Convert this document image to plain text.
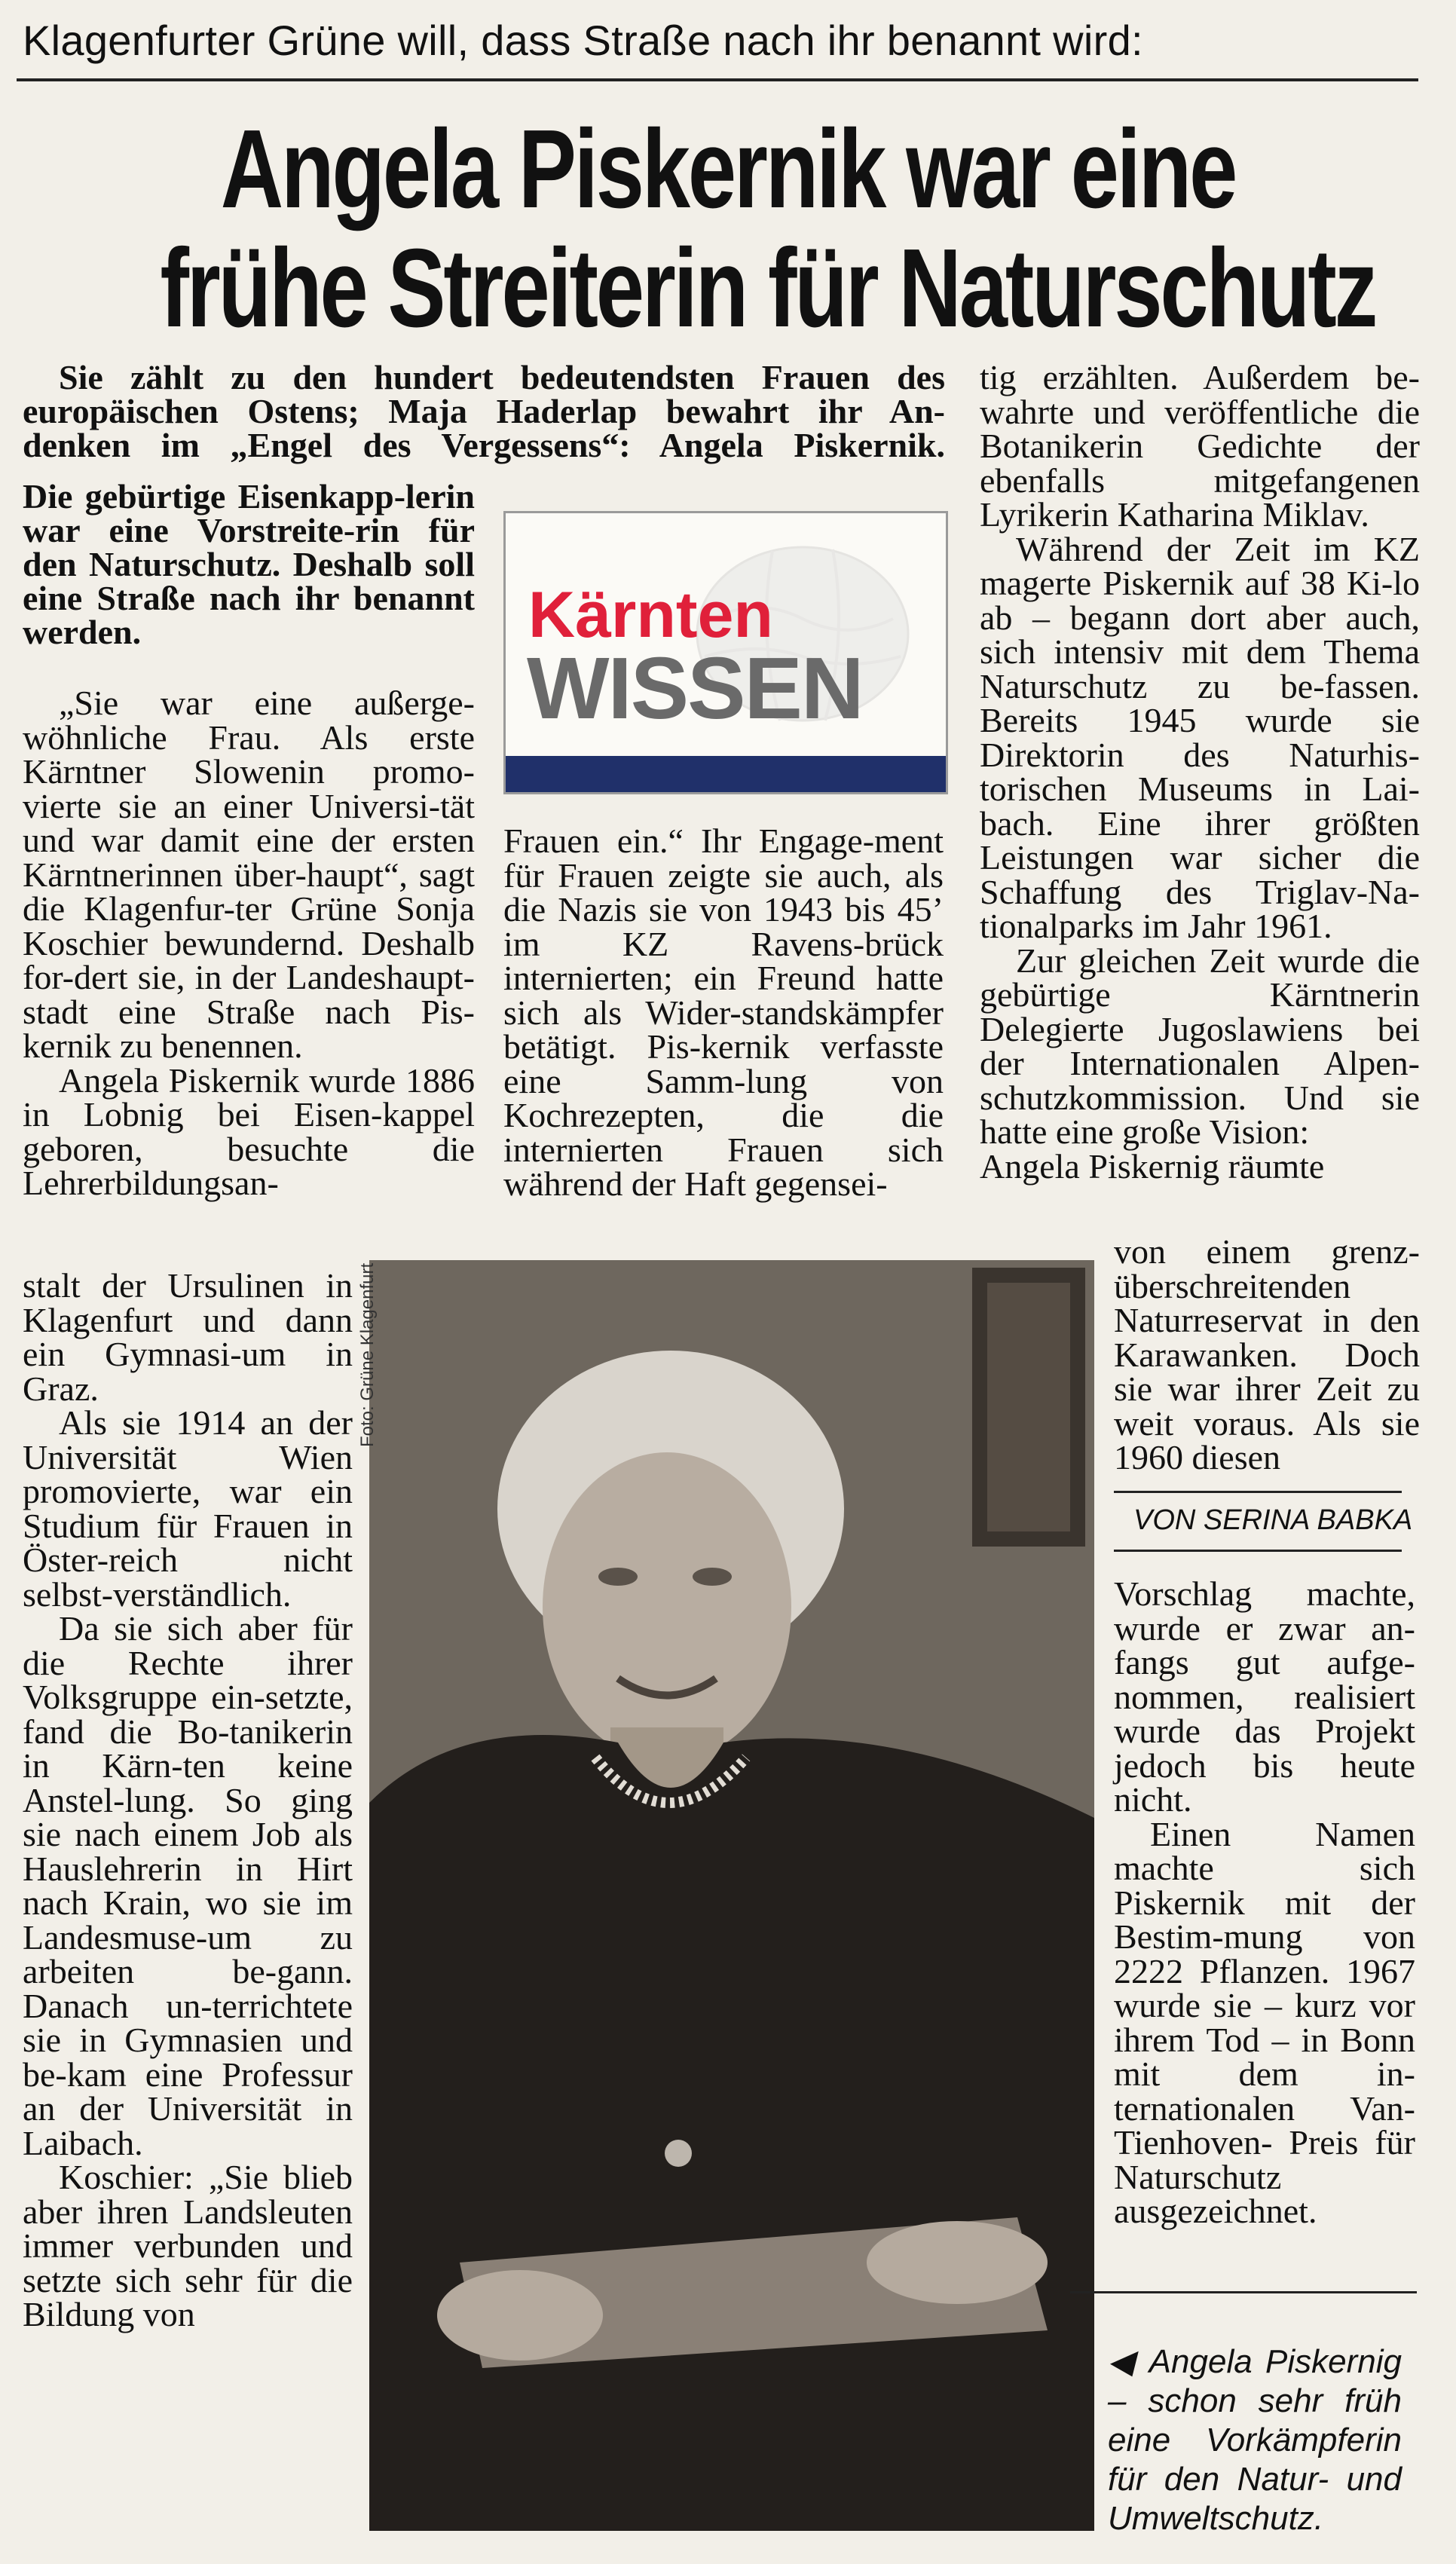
Klagenfurter Grüne will, dass Straße nach ihr benannt wird:
Angela Piskernik war eine
frühe Streiterin für Naturschutz
Sie zählt zu den hundert bedeutendsten Frauen des
europäischen Ostens; Maja Haderlap bewahrt ihr An-
denken im „Engel des Vergessens“: Angela Piskernik.
Die gebürtige Eisenkapp-lerin war eine Vorstreite-rin für den Naturschutz. Deshalb soll eine Straße nach ihr benannt werden.	Kärnten
WISSEN

„Sie war eine außerge-wöhnliche Frau. Als erste Kärntner Slowenin promo-vierte sie an einer Universi-tät und war damit eine der ersten Kärntnerinnen über-haupt“, sagt die Klagenfur-ter Grüne Sonja Koschier bewundernd. Deshalb for-dert sie, in der Landeshaupt-stadt eine Straße nach Pis-kernik zu benennen.

Angela Piskernik wurde 1886 in Lobnig bei Eisen-kappel geboren, besuchte die Lehrerbildungsan-

stalt der Ursulinen in Klagenfurt und dann ein Gymnasi-um in Graz.

Als sie 1914 an der Universität Wien promovierte, war ein Studium für Frauen in Öster-reich nicht selbst-verständlich.

Da sie sich aber für die Rechte ihrer Volksgruppe ein-setzte, fand die Bo-tanikerin in Kärn-ten keine Anstel-lung. So ging sie nach einem Job als Hauslehrerin in Hirt nach Krain, wo sie im Landesmuse-um zu arbeiten be-gann. Danach un-terrichtete sie in Gymnasien und be-kam eine Professur an der Universität in Laibach.

Koschier: „Sie blieb aber ihren Landsleuten immer verbunden und setzte sich sehr für die Bildung von

Frauen ein.“ Ihr Engage-ment für Frauen zeigte sie auch, als die Nazis sie von 1943 bis 45’ im KZ Ravens-brück internierten; ein Freund hatte sich als Wider-standskämpfer betätigt. Pis-kernik verfasste eine Samm-lung von Kochrezepten, die die internierten Frauen sich während der Haft gegensei-

tig erzählten. Außerdem be-wahrte und veröffentliche die Botanikerin Gedichte der ebenfalls mitgefangenen Lyrikerin Katharina Miklav.

Während der Zeit im KZ magerte Piskernik auf 38 Ki-lo ab – begann dort aber auch, sich intensiv mit dem Thema Naturschutz zu be-fassen. Bereits 1945 wurde sie Direktorin des Naturhis-torischen Museums in Lai-bach. Eine ihrer größten Leistungen war sicher die Schaffung des Triglav-Na-tionalparks im Jahr 1961.

Zur gleichen Zeit wurde die gebürtige Kärntnerin Delegierte Jugoslawiens bei der Internationalen Alpen-schutzkommission. Und sie hatte eine große Vision:

Angela Piskernig räumte

von einem grenz-überschreitenden Naturreservat in den Karawanken. Doch sie war ihrer Zeit zu weit voraus. Als sie 1960 diesen

VON SERINA BABKA

Vorschlag machte, wurde er zwar an-fangs gut aufge-nommen, realisiert wurde das Projekt jedoch bis heute nicht.

Einen Namen machte sich Piskernik mit der Bestim-mung von 2222 Pflanzen. 1967 wurde sie – kurz vor ihrem Tod – in Bonn mit dem in-ternationalen Van-Tienhoven- Preis für Naturschutz ausgezeichnet.

Foto: Grüne Klagenfurt
◀ Angela Piskernig – schon sehr früh eine Vorkämpferin für den Natur- und Umweltschutz.
